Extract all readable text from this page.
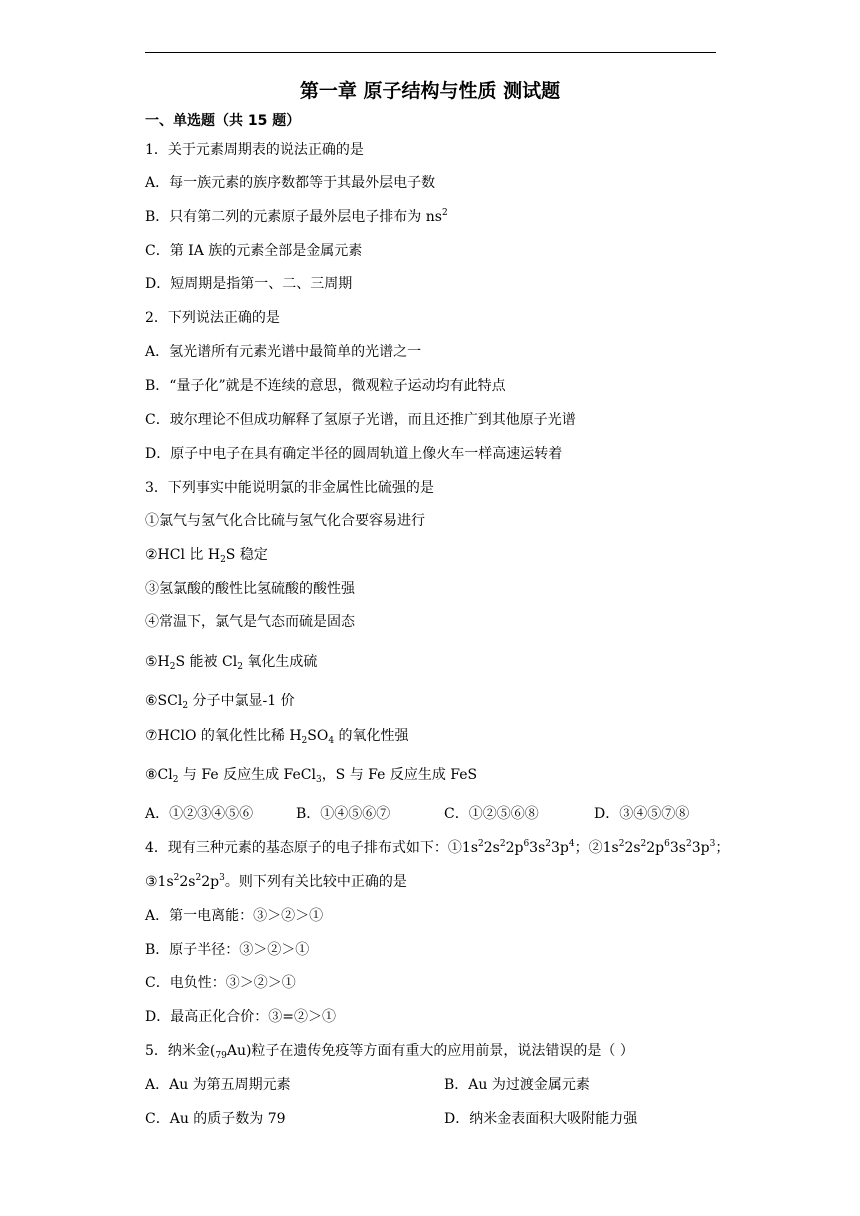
第一章 原子结构与性质 测试题
一、单选题（共 15 题）
1．关于元素周期表的说法正确的是
A．每一族元素的族序数都等于其最外层电子数
B．只有第二列的元素原子最外层电子排布为 $ns^2$
C．第 IA 族的元素全部是金属元素
D．短周期是指第一、二、三周期
2．下列说法正确的是
A．氢光谱所有元素光谱中最简单的光谱之一
B．“量子化”就是不连续的意思，微观粒子运动均有此特点
C．玻尔理论不但成功解释了氢原子光谱，而且还推广到其他原子光谱
D．原子中电子在具有确定半径的圆周轨道上像火车一样高速运转着
3．下列事实中能说明氯的非金属性比硫强的是
①氯气与氢气化合比硫与氢气化合要容易进行
②HCl 比 $H_2S$ 稳定
③氢氯酸的酸性比氢硫酸的酸性强
④常温下，氯气是气态而硫是固态
$⑤H_2S$ 能被 $Cl_2$ 氧化生成硫
⑥SCl$_2$ 分子中氯显-1 价
⑦HClO 的氧化性比稀 $H_2SO_4$ 的氧化性强
$⑧Cl_2$ 与 Fe 反应生成 FeCl$_3$，S 与 Fe 反应生成 FeS
A．①②③④⑤⑥	B．①④⑤⑥⑦	C．①②⑤⑥⑧	D．③④⑤⑦⑧
4．现有三种元素的基态原子的电子排布式如下：$①1s^22s^22p^63s^23p^4$；$②1s^22s^22p^63s^23p^3$；
$③1s^22s^22p^3$。则下列有关比较中正确的是
A．第一电离能：③＞②＞①
B．原子半径：③＞②＞①
C．电负性：③＞②＞①
D．最高正化合价：③=②＞①
5．纳米金$(_{79}Au)$粒子在遗传免疫等方面有重大的应用前景，说法错误的是（ ）
A．Au 为第五周期元素	B．Au 为过渡金属元素
C．Au 的质子数为 79	D．纳米金表面积大吸附能力强
